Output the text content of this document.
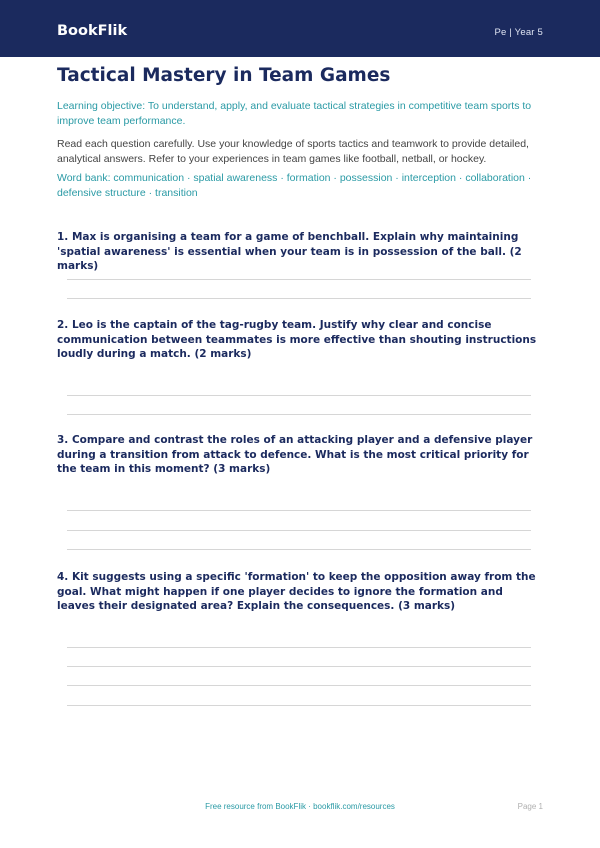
BookFlik	Pe | Year 5
Tactical Mastery in Team Games

Learning objective: To understand, apply, and evaluate tactical strategies in competitive team sports to improve team performance.

Read each question carefully. Use your knowledge of sports tactics and teamwork to provide detailed, analytical answers. Refer to your experiences in team games like football, netball, or hockey.

Word bank: communication · spatial awareness · formation · possession · interception · collaboration · defensive structure · transition

1. Max is organising a team for a game of benchball. Explain why maintaining 'spatial awareness' is essential when your team is in possession of the ball. (2 marks)

2. Leo is the captain of the tag-rugby team. Justify why clear and concise communication between teammates is more effective than shouting instructions loudly during a match. (2 marks)

3. Compare and contrast the roles of an attacking player and a defensive player during a transition from attack to defence. What is the most critical priority for the team in this moment? (3 marks)

4. Kit suggests using a specific 'formation' to keep the opposition away from the goal. What might happen if one player decides to ignore the formation and leaves their designated area? Explain the consequences. (3 marks)

Free resource from BookFlik · bookflik.com/resources	Page 1
